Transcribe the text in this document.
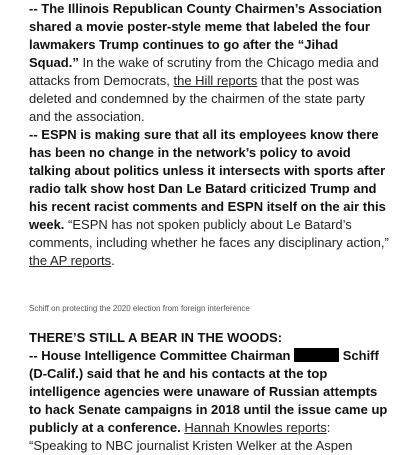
-- The Illinois Republican County Chairmen’s Association shared a movie poster-style meme that labeled the four lawmakers Trump continues to go after the “Jihad Squad.” In the wake of scrutiny from the Chicago media and attacks from Democrats, the Hill reports that the post was deleted and condemned by the chairmen of the state party and the association.

-- ESPN is making sure that all its employees know there has been no change in the network’s policy to avoid talking about politics unless it intersects with sports after radio talk show host Dan Le Batard criticized Trump and his recent racist comments and ESPN itself on the air this week. “ESPN has not spoken publicly about Le Batard’s comments, including whether he faces any disciplinary action,” the AP reports.

Schiff on protecting the 2020 election from foreign interference

THERE’S STILL A BEAR IN THE WOODS:

-- House Intelligence Committee Chairman	Schiff (D-Calif.) said that he and his contacts at the top intelligence agencies were unaware of Russian attempts to hack Senate campaigns in 2018 until the issue came up publicly at a conference. Hannah Knowles reports: “Speaking to NBC journalist Kristen Welker at the Aspen
